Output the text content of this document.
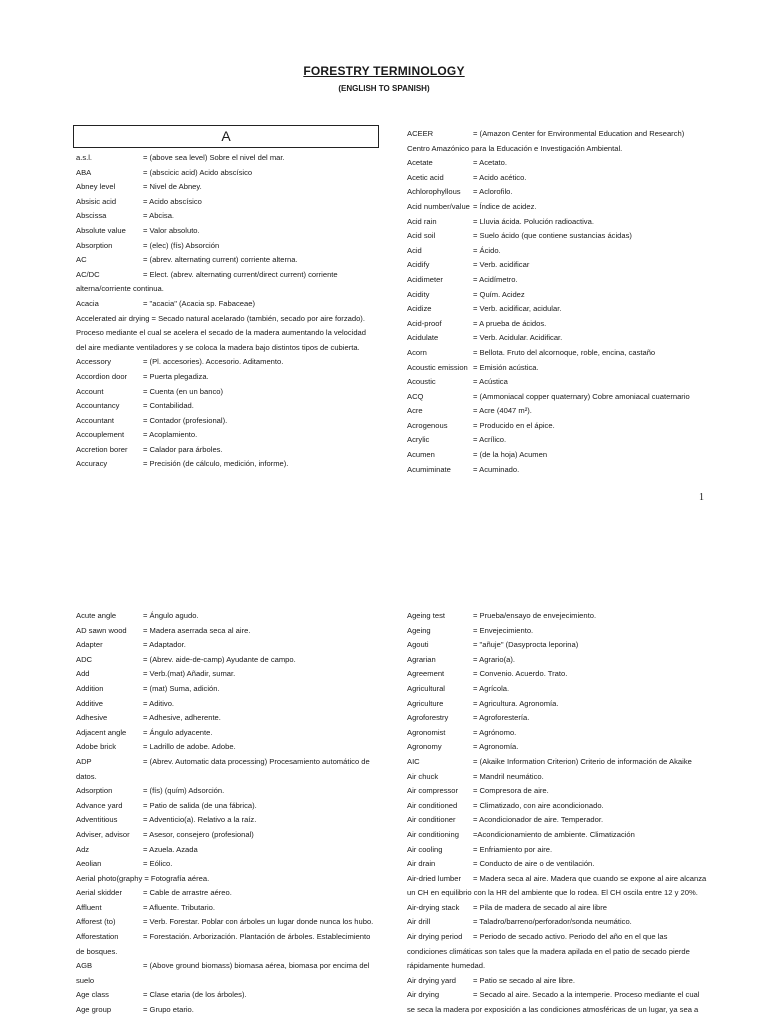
FORESTRY TERMINOLOGY
(ENGLISH TO SPANISH)
A
a.s.l.	= (above sea level) Sobre el nivel del mar.
ABA	= (abscicic acid) Acido abscísico
Abney level	= Nivel de Abney.
Absisic acid	= Acido abscísico
Abscissa	= Abcisa.
Absolute value	= Valor absoluto.
Absorption	= (elec) (fís) Absorción
AC	= (abrev. alternating current) corriente alterna.
AC/DC	= Elect. (abrev. alternating current/direct current) corriente
alterna/corriente continua.
Acacia	= "acacia" (Acacia sp. Fabaceae)
Accelerated air drying = Secado natural acelarado (también, secado por aire forzado).
Proceso mediante el cual se acelera el secado de la madera aumentando la velocidad
del aire mediante ventiladores y se coloca la madera bajo distintos tipos de cubierta.
Accessory	= (Pl. accesories). Accesorio. Aditamento.
Accordion door	= Puerta plegadiza.
Account	= Cuenta (en un banco)
Accountancy	= Contabilidad.
Accountant	= Contador (profesional).
Accouplement	= Acoplamiento.
Accretion borer	= Calador para árboles.
Accuracy	= Precisión (de cálculo, medición, informe).
ACEER	= (Amazon Center for Environmental Education and Research)
Centro Amazónico para la Educación e Investigación Ambiental.
Acetate	= Acetato.
Acetic acid	= Acido acético.
Achlorophyllous	= Aclorofilo.
Acid number/value = Índice de acidez.
Acid rain	= Lluvia ácida. Polución radioactiva.
Acid soil	= Suelo ácido (que contiene sustancias ácidas)
Acid	= Ácido.
Acidify	= Verb. acidificar
Acidimeter	= Acidímetro.
Acidity	= Quím. Acidez
Acidize	= Verb. acidificar, acidular.
Acid-proof	= A prueba de ácidos.
Acidulate	= Verb. Acidular. Acidificar.
Acorn	= Bellota. Fruto del alcornoque, roble, encina, castaño
Acoustic emission = Emisión acústica.
Acoustic	= Acústica
ACQ	= (Ammoniacal copper quaternary) Cobre amoniacal cuaternario
Acre	= Acre (4047 m²).
Acrogenous	= Producido en el ápice.
Acrylic	= Acrílico.
Acumen	= (de la hoja) Acumen
Acumiminate	= Acuminado.
1
Acute angle	= Ángulo agudo.
AD sawn wood	= Madera aserrada seca al aire.
Adapter	= Adaptador.
ADC	= (Abrev. aide-de-camp) Ayudante de campo.
Add	= Verb.(mat) Añadir, sumar.
Addition	= (mat) Suma, adición.
Additive	= Aditivo.
Adhesive	= Adhesive, adherente.
Adjacent angle	= Ángulo adyacente.
Adobe brick	= Ladrillo de adobe. Adobe.
ADP	= (Abrev. Automatic data processing) Procesamiento automático de
datos.
Adsorption	= (fís) (quím) Adsorción.
Advance yard	= Patio de salida (de una fábrica).
Adventitious	= Adventicio(a). Relativo a la raíz.
Adviser, advisor	= Asesor, consejero (profesional)
Adz	= Azuela. Azada
Aeolian	= Eólico.
Aerial photo(graphy = Fotografía aérea.
Aerial skidder	= Cable de arrastre aéreo.
Affluent	= Afluente. Tributario.
Afforest (to)	= Verb. Forestar. Poblar con árboles un lugar donde nunca los hubo.
Afforestation	= Forestación. Arborización. Plantación de árboles. Establecimiento
de bosques.
AGB	= (Above ground biomass) biomasa aérea, biomasa por encima del
suelo
Age class	= Clase etaria (de los árboles).
Age group	= Grupo etario.
Ageing test	= Prueba/ensayo de envejecimiento.
Ageing	= Envejecimiento.
Agouti	= "añuje" (Dasyprocta leporina)
Agrarian	= Agrario(a).
Agreement	= Convenio. Acuerdo. Trato.
Agricultural	= Agrícola.
Agriculture	= Agricultura. Agronomía.
Agroforestry	= Agroforestería.
Agronomist	= Agrónomo.
Agronomy	= Agronomía.
AIC	= (Akaike Information Criterion) Criterio de información de Akaike
Air chuck	= Mandril neumático.
Air compressor	= Compresora de aire.
Air conditioned	= Climatizado, con aire acondicionado.
Air conditioner	= Acondicionador de aire. Temperador.
Air conditioning	=Acondicionamiento de ambiente. Climatización
Air cooling	= Enfriamiento por aire.
Air drain	= Conducto de aire o de ventilación.
Air-dried lumber	= Madera seca al aire. Madera que cuando se expone al aire alcanza
un CH en equilibrio con la HR del ambiente que lo rodea. El CH oscila entre 12 y 20%.
Air-drying stack	= Pila de madera de secado al aire libre
Air drill	= Taladro/barreno/perforador/sonda neumático.
Air drying period	= Periodo de secado activo. Periodo del año en el que las
condiciones climáticas son tales que la madera apilada en el patio de secado pierde
rápidamente humedad.
Air drying yard	= Patio se secado al aire libre.
Air drying	= Secado al aire. Secado a la intemperie. Proceso mediante el cual
se seca la madera por exposición a las condiciones atmosféricas de un lugar, ya sea a
